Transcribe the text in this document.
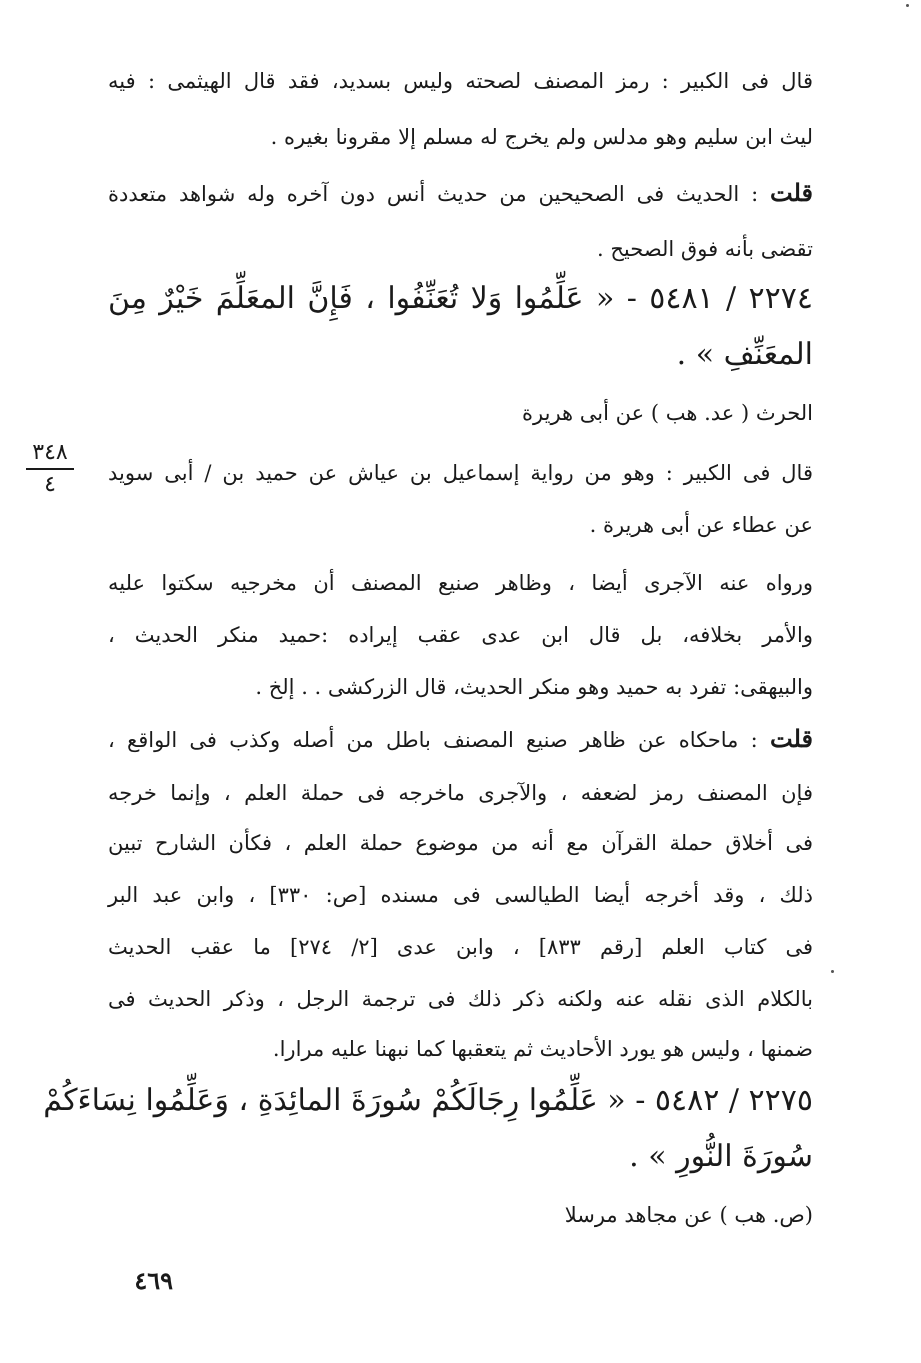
قال فى الكبير : رمز المصنف لصحته وليس بسديد، فقد قال الهيثمى : فيه
ليث ابن سليم وهو مدلس ولم يخرج له مسلم إلا مقرونا بغيره .
قلت : الحديث فى الصحيحين من حديث أنس دون آخره وله شواهد متعددة
تقضى بأنه فوق الصحيح .
٢٢٧٤ / ٥٤٨١ - « عَلِّمُوا وَلا تُعَنِّفُوا ، فَإِنَّ المعَلِّمَ خَيْرٌ مِنَ
المعَنِّفِ » .
الحرث ( عد. هب ) عن أبى هريرة
٣٤٨
٤	قال فى الكبير : وهو من رواية إسماعيل بن عياش عن حميد بن / أبى سويد
عن عطاء عن أبى هريرة .
ورواه عنه الآجرى أيضا ، وظاهر صنيع المصنف أن مخرجيه سكتوا عليه
والأمر بخلافه، بل قال ابن عدى عقب إيراده :حميد منكر الحديث ،
والبيهقى: تفرد به حميد وهو منكر الحديث، قال الزركشى . . إلخ .
قلت : ماحكاه عن ظاهر صنيع المصنف باطل من أصله وكذب فى الواقع ،
فإن المصنف رمز لضعفه ، والآجرى ماخرجه فى حملة العلم ، وإنما خرجه
فى أخلاق حملة القرآن مع أنه من موضوع حملة العلم ، فكأن الشارح تبين
ذلك ، وقد أخرجه أيضا الطيالسى فى مسنده [ص: ٣٣٠] ، وابن عبد البر
فى كتاب العلم [رقم ٨٣٣] ، وابن عدى [٢/ ٢٧٤] ما عقب الحديث
بالكلام الذى نقله عنه ولكنه ذكر ذلك فى ترجمة الرجل ، وذكر الحديث فى
ضمنها ، وليس هو يورد الأحاديث ثم يتعقبها كما نبهنا عليه مرارا.
٢٢٧٥ / ٥٤٨٢ - « عَلِّمُوا رِجَالَكُمْ سُورَةَ المائِدَةِ ، وَعَلِّمُوا نِسَاءَكُمْ
سُورَةَ النُّورِ » .
(ص. هب ) عن مجاهد مرسلا
٤٦٩
